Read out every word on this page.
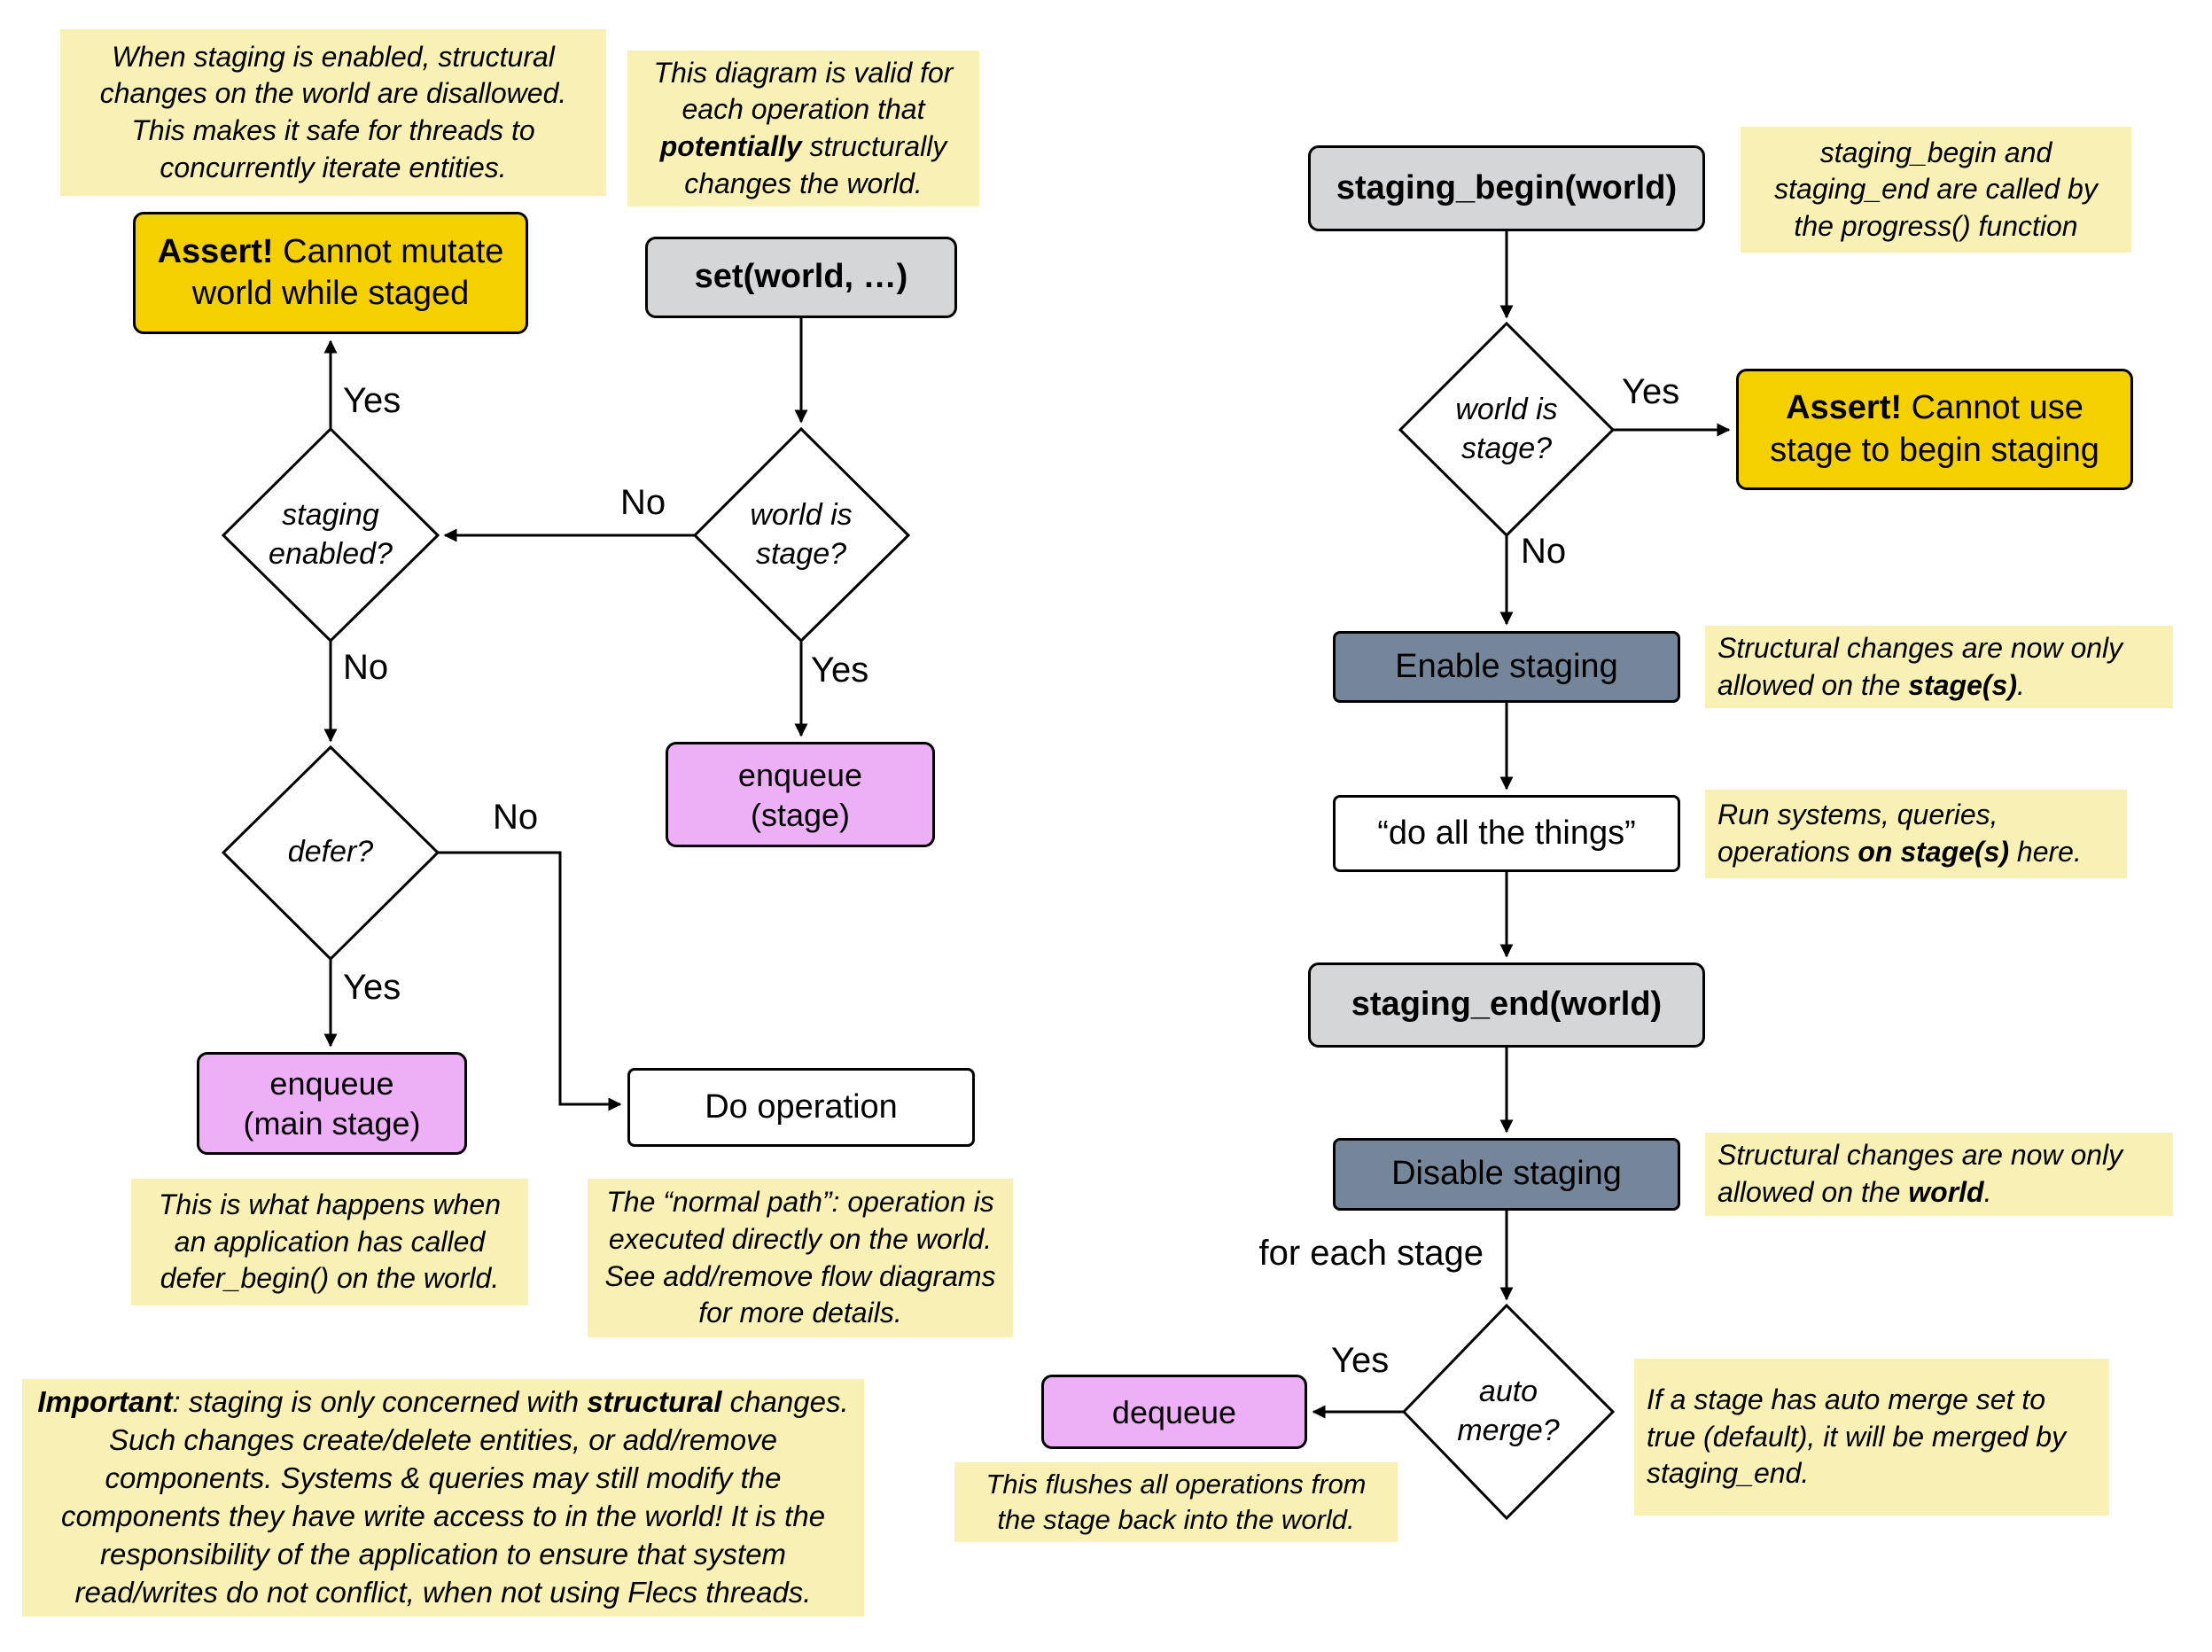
When staging is enabled, structural changes on the world are disallowed. This makes it safe for threads to concurrently iterate entities.
Assert! Cannot mutate world while staged
This diagram is valid for each operation that potentially structurally changes the world.
set(world, …)
staging
enabled?
world is
stage?
defer?
Yes
No
No	Yes
No
Yes
enqueue
(stage)
enqueue
(main stage)	Do operation
This is what happens when an application has called defer_begin() on the world.
The “normal path”: operation is executed directly on the world. See add/remove flow diagrams for more details.
Important: staging is only concerned with structural changes. Such changes create/delete entities, or add/remove components. Systems & queries may still modify the components they have write access to in the world! It is the responsibility of the application to ensure that system read/writes do not conflict, when not using Flecs threads.
staging_begin(world)
staging_begin and staging_end are called by the progress() function
world is
stage?
Assert! Cannot use stage to begin staging
Yes
No
Enable staging	Structural changes are now only allowed on the stage(s).
“do all the things”	Run systems, queries, operations on stage(s) here.
staging_end(world)
Disable staging	Structural changes are now only allowed on the world.
for each stage
auto
merge?
If a stage has auto merge set to true (default), it will be merged by staging_end.
dequeue
Yes
This flushes all operations from the stage back into the world.
